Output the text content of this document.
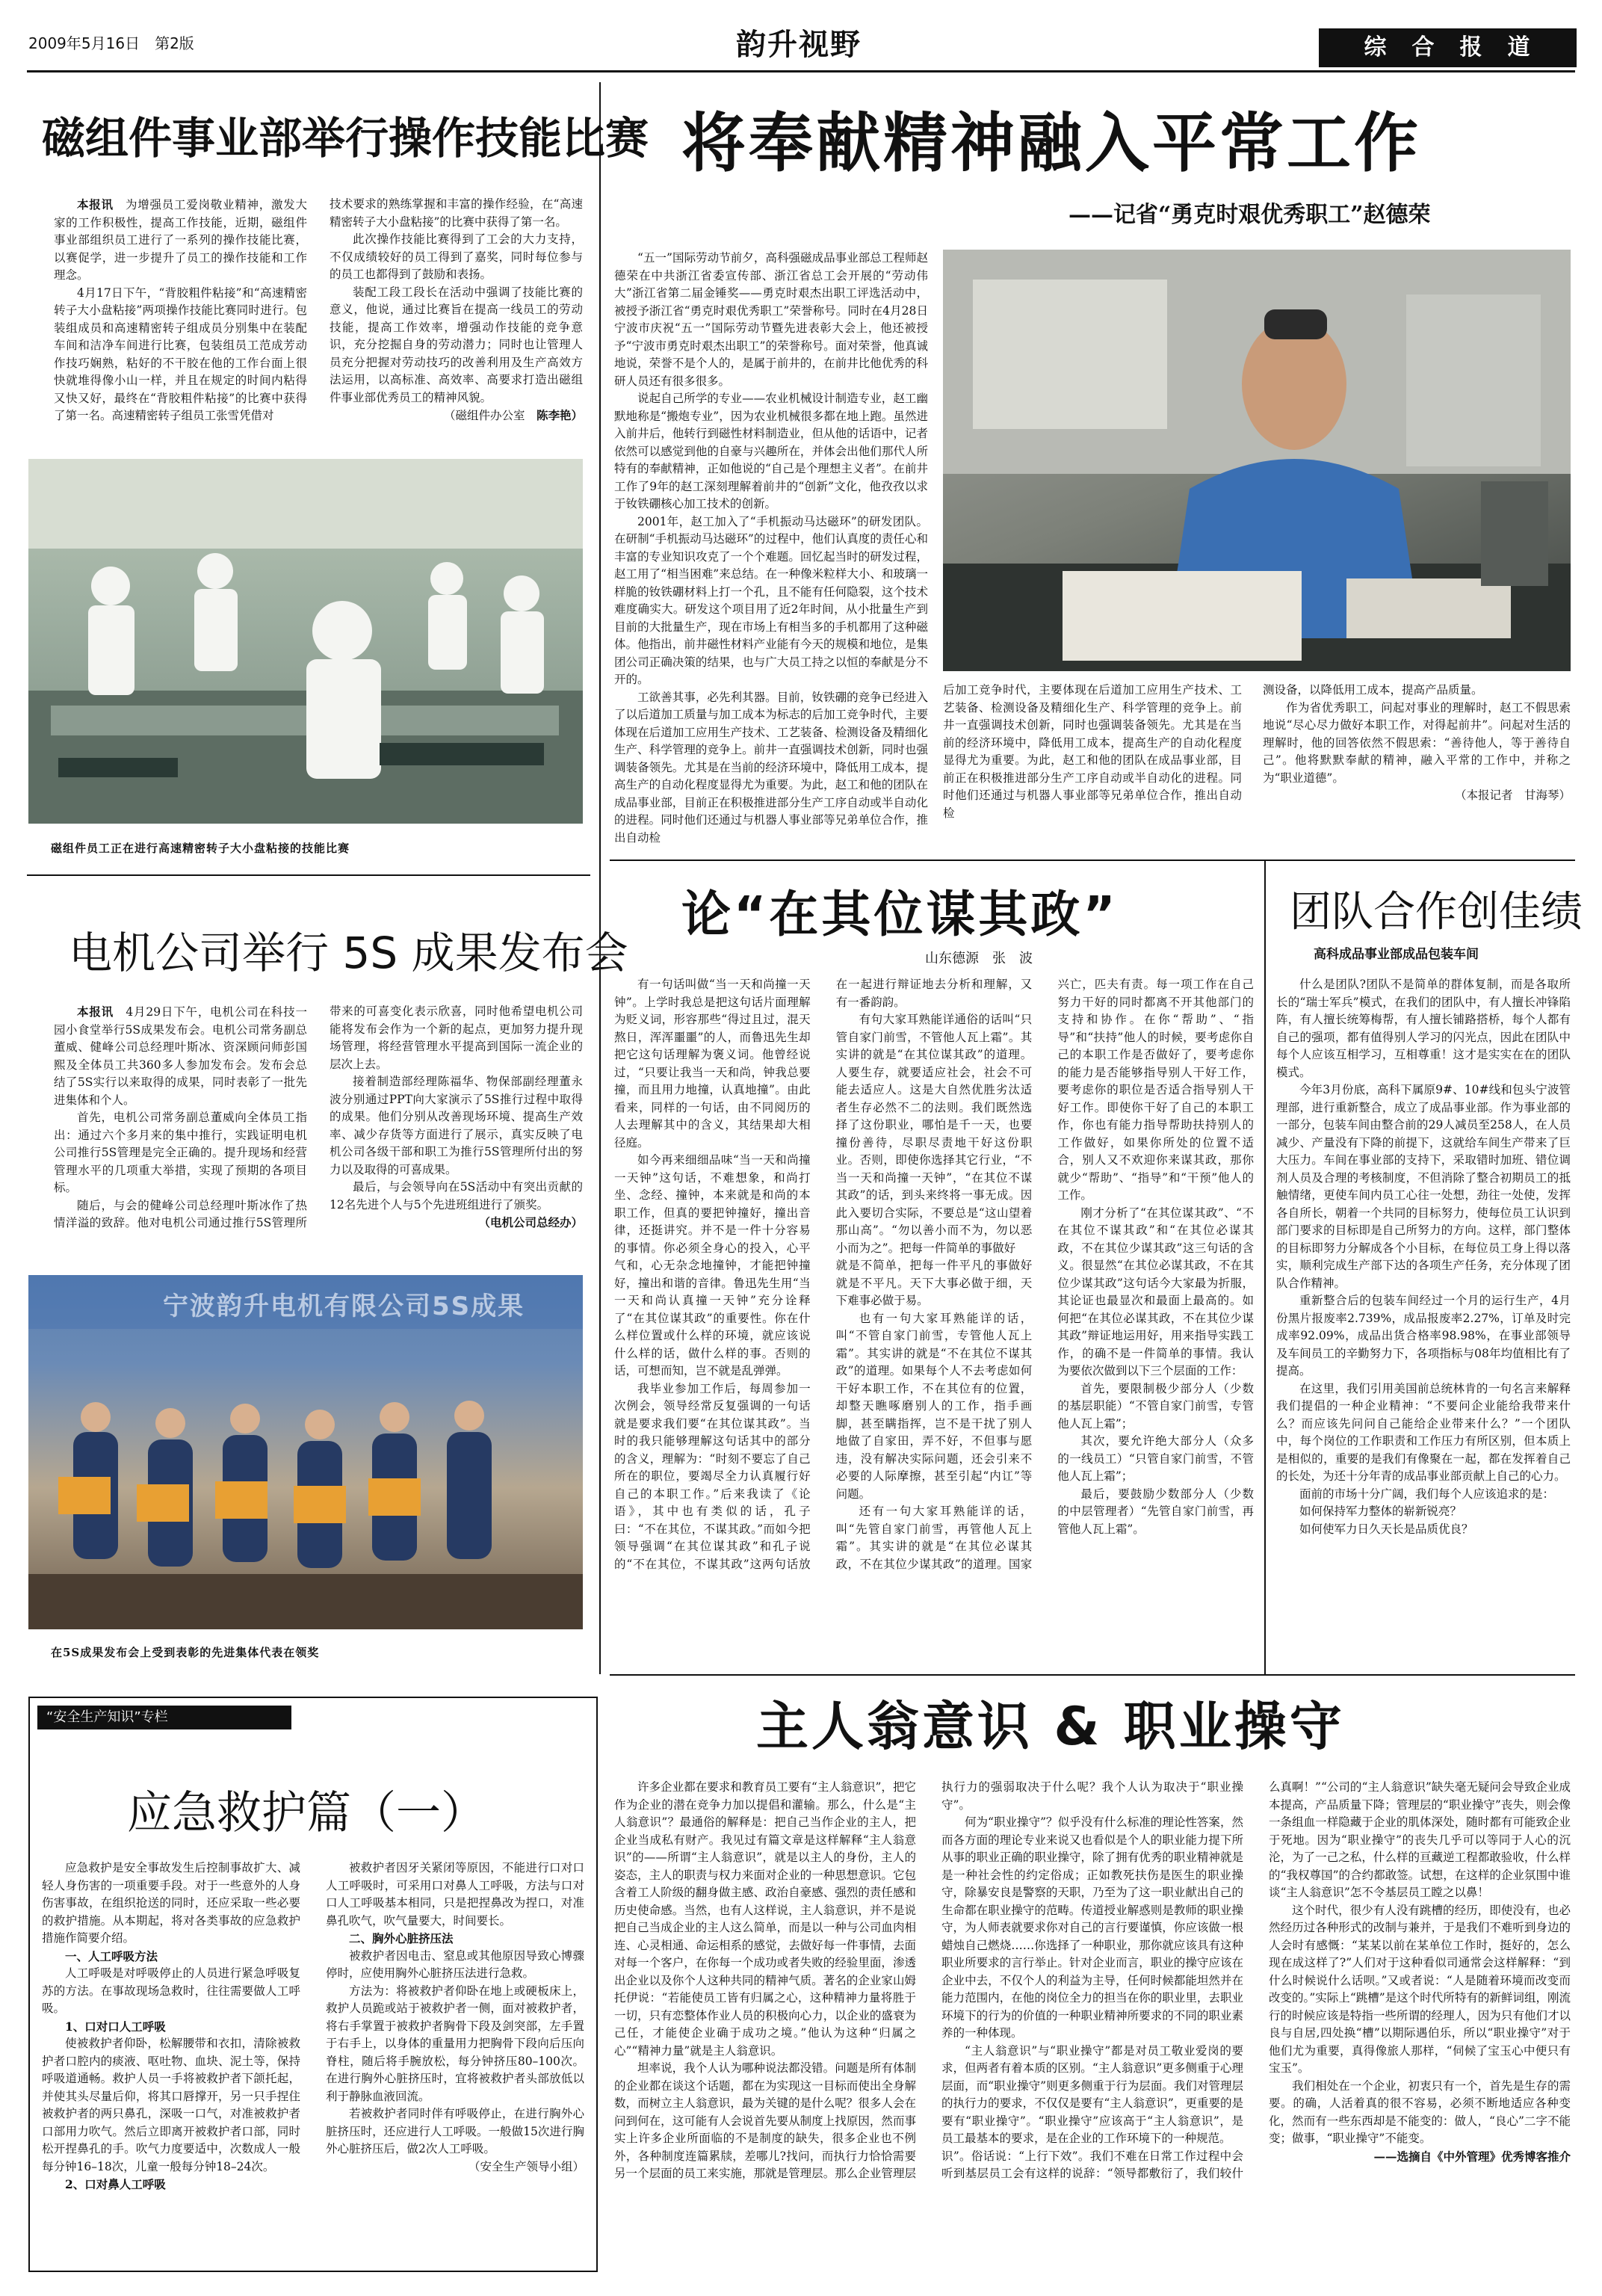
2009年5月16日　第2版	韵升视野	综　合　报　道
磁组件事业部举行操作技能比赛

本报讯　 为增强员工爱岗敬业精神，激发大家的工作积极性，提高工作技能，近期，磁组件事业部组织员工进行了一系列的操作技能比赛，以赛促学，进一步提升了员工的操作技能和工作理念。

4月17日下午，“背胶粗件粘接”和“高速精密转子大小盘粘接”两项操作技能比赛同时进行。包装组成员和高速精密转子组成员分别集中在装配车间和洁净车间进行比赛，包装组员工范成芳动作技巧娴熟，粘好的不干胶在他的工作台面上很快就堆得像小山一样，并且在规定的时间内粘得又快又好，最终在“背胶粗件粘接”的比赛中获得了第一名。高速精密转子组员工张雪凭借对

技术要求的熟练掌握和丰富的操作经验，在“高速精密转子大小盘粘接”的比赛中获得了第一名。

此次操作技能比赛得到了工会的大力支持，不仅成绩较好的员工得到了嘉奖，同时每位参与的员工也都得到了鼓励和表扬。

装配工段工段长在活动中强调了技能比赛的意义，他说，通过比赛旨在提高一线员工的劳动技能，提高工作效率，增强动作技能的竞争意识，充分挖掘自身的劳动潜力；同时也让管理人员充分把握对劳动技巧的改善利用及生产高效方法运用，以高标准、高效率、高要求打造出磁组件事业部优秀员工的精神风貌。

（磁组件办公室　 陈李艳）

磁组件员工正在进行高速精密转子大小盘粘接的技能比赛
将奉献精神融入平常工作
——记省“勇克时艰优秀职工”赵德荣

“五一”国际劳动节前夕，高科强磁成品事业部总工程师赵德荣在中共浙江省委宣传部、浙江省总工会开展的“劳动伟大”浙江省第二届金锤奖——勇克时艰杰出职工评选活动中，被授予浙江省“勇克时艰优秀职工”荣誉称号。同时在4月28日宁波市庆祝“五一”国际劳动节暨先进表彰大会上，他还被授予“宁波市勇克时艰杰出职工”的荣誉称号。面对荣誉，他真诚地说，荣誉不是个人的，是属于前井的，在前井比他优秀的科研人员还有很多很多。

说起自己所学的专业——农业机械设计制造专业，赵工幽默地称是“搬炮专业”，因为农业机械很多都在地上跑。虽然进入前井后，他转行到磁性材料制造业，但从他的话语中，记者依然可以感觉到他的自豪与兴趣所在，并体会出他们那代人所特有的奉献精神，正如他说的“自己是个理想主义者”。在前井工作了9年的赵工深刻理解着前井的“创新”文化，他孜孜以求于钕铁硼核心加工技术的创新。

2001年，赵工加入了“手机振动马达磁环”的研发团队。在研制“手机振动马达磁环”的过程中，他们认真度的责任心和丰富的专业知识攻克了一个个难题。回忆起当时的研发过程，赵工用了“相当困难”来总结。在一种像米粒样大小、和玻璃一样脆的钕铁硼材料上打一个孔，且不能有任何隐裂，这个技术难度确实大。研发这个项目用了近2年时间，从小批量生产到目前的大批量生产，现在市场上有相当多的手机都用了这种磁体。他指出，前井磁性材料产业能有今天的规模和地位，是集团公司正确决策的结果，也与广大员工持之以恒的奉献是分不开的。

工欲善其事，必先利其器。目前，钕铁硼的竞争已经进入了以后道加工质量与加工成本为标志的后加工竞争时代，主要体现在后道加工应用生产技术、工艺装备、检测设备及精细化生产、科学管理的竞争上。前井一直强调技术创新，同时也强调装备领先。尤其是在当前的经济环境中，降低用工成本，提高生产的自动化程度显得尤为重要。为此，赵工和他的团队在成品事业部，目前正在积极推进部分生产工序自动或半自动化的进程。同时他们还通过与机器人事业部等兄弟单位合作，推出自动检

后加工竞争时代，主要体现在后道加工应用生产技术、工艺装备、检测设备及精细化生产、科学管理的竞争上。前井一直强调技术创新，同时也强调装备领先。尤其是在当前的经济环境中，降低用工成本，提高生产的自动化程度显得尤为重要。为此，赵工和他的团队在成品事业部，目前正在积极推进部分生产工序自动或半自动化的进程。同时他们还通过与机器人事业部等兄弟单位合作，推出自动检

测设备，以降低用工成本，提高产品质量。

作为省优秀职工，问起对事业的理解时，赵工不假思索地说“尽心尽力做好本职工作，对得起前井”。问起对生活的理解时，他的回答依然不假思索：“善待他人，等于善待自己”。他将默默奉献的精神，融入平常的工作中，并称之为“职业道德”。

（本报记者　甘海琴）

电机公司举行 5S 成果发布会

本报讯　 4月29日下午，电机公司在科技一园小食堂举行5S成果发布会。电机公司常务副总董威、健峰公司总经理叶斯冰、资深顾问师彭国熙及全体员工共360多人参加发布会。发布会总结了5S实行以来取得的成果，同时表彰了一批先进集体和个人。

首先，电机公司常务副总董威向全体员工指出：通过六个多月来的集中推行，实践证明电机公司推行5S管理是完全正确的。提升现场和经营管理水平的几项重大举措，实现了预期的各项目标。

随后，与会的健峰公司总经理叶斯冰作了热情洋溢的致辞。他对电机公司通过推行5S管理所带来的可喜变化表示欣喜，同时他希望电机公司能将发布会作为一个新的起点，更加努力提升现场管理，将经营管理水平提高到国际一流企业的层次上去。

接着制造部经理陈福华、物保部副经理董永波分别通过PPT向大家演示了5S推行过程中取得的成果。他们分别从改善现场环境、提高生产效率、减少存货等方面进行了展示，真实反映了电机公司各级干部和职工为推行5S管理所付出的努力以及取得的可喜成果。

最后，与会领导向在5S活动中有突出贡献的12名先进个人与5个先进班组进行了颁奖。

（电机公司总经办）

宁波韵升电机有限公司5S成果
在5S成果发布会上受到表彰的先进集体代表在领奖
论“在其位谋其政”
山东德源　张　波

有一句话叫做“当一天和尚撞一天钟”。上学时我总是把这句话片面理解为贬义词，形容那些“得过且过，混天熬日，浑浑噩噩”的人，而鲁迅先生却把它这句话理解为褒义词。他曾经说过，“只要让我当一天和尚，钟我总要撞，而且用力地撞，认真地撞”。由此看来，同样的一句话，由不同阅历的人去理解其中的含义，其结果却大相径庭。

如今再来细细品味“当一天和尚撞一天钟”这句话，不难想象，和尚打坐、念经、撞钟，本来就是和尚的本职工作，但真的要把钟撞好，撞出音律，还挺讲究。并不是一件十分容易的事情。你必须全身心的投入，心平气和，心无杂念地撞钟，才能把钟撞好，撞出和谐的音律。鲁迅先生用“当一天和尚认真撞一天钟”充分诠释了“在其位谋其政”的重要性。你在什么样位置或什么样的环境，就应该说什么样的话，做什么样的事。否则的话，可想而知，岂不就是乱弹弹。

我毕业参加工作后，每周参加一次例会，领导经常反复强调的一句话就是要求我们要“在其位谋其政”。当时的我只能够理解这句话其中的部分的含义，理解为：“时刻不要忘了自己所在的职位，要竭尽全力认真履行好自己的本职工作。”后来我读了《论语》，其中也有类似的话，孔子曰：“不在其位，不谋其政。”而如今把领导强调“在其位谋其政”和孔子说的“不在其位，不谋其政”这两句话放在一起进行辩证地去分析和理解，又有一番韵韵。

有句大家耳熟能详通俗的话叫“只管自家门前雪，不管他人瓦上霜”。其实讲的就是“在其位谋其政”的道理。人要生存，就要适应社会，社会不可能去适应人。这是大自然优胜劣汰适者生存必然不二的法则。我们既然选择了这份职业，哪怕是千一天，也要撞份善待，尽职尽责地干好这份职业。否则，即使你选择其它行业，“不当一天和尚撞一天钟”，“在其位不谋其政”的话，到头来终将一事无成。因此入要切合实际，不要总是“这山望着那山高”。“勿以善小而不为，勿以恶小而为之”。把每一件简单的事做好

就是不简单，把每一件平凡的事做好就是不平凡。天下大事必做于细，天下难事必做于易。

也有一句大家耳熟能详的话，叫“不管自家门前雪，专管他人瓦上霜”。其实讲的就是“不在其位不谋其政”的道理。如果每个人不去考虑如何干好本职工作，不在其位有的位置，却整天瞧啄磨别人的工作，指手画脚，甚至瞒指挥，岂不是干扰了别人地做了自家田，弄不好，不但事与愿违，没有解决实际问题，还会引来不必要的人际摩擦，甚至引起“内讧”等问题。

还有一句大家耳熟能详的话，叫“先管自家门前雪，再管他人瓦上霜”。其实讲的就是“在其位必谋其政，不在其位少谋其政”的道理。国家兴亡，匹夫有责。每一项工作在自己努力干好的同时都离不开其他部门的支持和协作。在你“帮助”、“指导”和“扶持”他人的时候，要考虑你自己的本职工作是否做好了，要考虑你的能力是否能够指导别人干好工作，要考虑你的职位是否适合指导别人干好工作。即使你干好了自己的本职工作，你也有能力指导帮助扶持别人的工作做好，如果你所处的位置不适合，别人又不欢迎你来谋其政，那你就少“帮助”、“指导”和“干预”他人的工作。

刚才分析了“在其位谋其政”、“不在其位不谋其政”和“在其位必谋其政，不在其位少谋其政”这三句话的含义。很显然“在其位必谋其政，不在其位少谋其政”这句话今大家最为折服，其论证也最显次和最面上最高的。如何把“在其位必谋其政，不在其位少谋其政”辩证地运用好，用来指导实践工作，的确不是一件简单的事情。我认为要依次做到以下三个层面的工作：

首先，要限制极少部分人（少数的基层职能）“不管自家门前雪，专管他人瓦上霜”；

其次，要允许绝大部分人（众多的一线员工）“只管自家门前雪，不管他人瓦上霜”；

最后，要鼓励少数部分人（少数的中层管理者）“先管自家门前雪，再管他人瓦上霜”。

团队合作创佳绩
高科成品事业部成品包装车间

什么是团队?团队不是简单的群体复制，而是各取所长的“瑞士军兵”模式，在我们的团队中，有人擅长冲锋陷阵，有人擅长统筹梅帮，有人擅长铺路搭桥，每个人都有自己的强项，都有值得别人学习的闪光点，因此在团队中每个人应该互相学习，互相尊重！这才是实实在在的团队模式。

今年3月份底，高科下属原9#、10#线和包头宁波管理部，进行重新整合，成立了成品事业部。作为事业部的一部分，包装车间由整合前的29人减员至258人，在人员减少、产量没有下降的前提下，这就给车间生产带来了巨大压力。车间在事业部的支持下，采取错时加班、错位调剂人员及合理的考核制度，不但消除了整合初期员工的抵触情绪，更使车间内员工心往一处想，劲往一处使，发挥各自所长，朝着一个共同的目标努力，使每位员工认识到部门要求的目标即是自己所努力的方向。这样，部门整体的目标即努力分解成各个小目标，在每位员工身上得以落实，顺利完成生产部下达的各项生产任务，充分体现了团队合作精神。

重新整合后的包装车间经过一个月的运行生产，4月份黑片报废率2.739%，成品报废率2.27%，订单及时完成率92.09%，成品出货合格率98.98%，在事业部领导及车间员工的辛勤努力下，各项指标与08年均值相比有了提高。

在这里，我们引用美国前总统林肯的一句名言来解释我们提倡的一种企业精神：“不要问企业能给我带来什么？而应该先问问自己能给企业带来什么？”一个团队中，每个岗位的工作职责和工作压力有所区别，但本质上是相似的，重要的是我们有像聚在一起，都在发挥着自己的长处，为还十分年青的成品事业部贡献上自己的心力。

面前的市场十分广阔，我们每个人应该追求的是：

如何保持军力整体的崭新锐亮？

如何使军力日久天长是品质优良？

“安全生产知识”专栏
应急救护篇（一）

应急救护是安全事故发生后控制事故扩大、减轻人身伤害的一项重要手段。对于一些意外的人身伤害事故，在组织抢送的同时，还应采取一些必要的救护措施。从本期起，将对各类事故的应急救护措施作简要介绍。

一、人工呼吸方法

人工呼吸是对呼吸停止的人员进行紧急呼吸复苏的方法。在事故现场急救时，往往需要做人工呼吸。

1、口对口人工呼吸

使被救护者仰卧，松解腰带和衣扣，清除被救护者口腔内的痰液、呕吐物、血块、泥土等，保持呼吸道通畅。救护人员一手将被救护者下颌托起，并使其头尽量后仰，将其口唇撑开，另一只手捏住被救护者的两只鼻孔，深吸一口气，对准被救护者口部用力吹气。然后立即离开被救护者口部，同时松开捏鼻孔的手。吹气力度要适中，次数成人一般每分钟16–18次，儿童一般每分钟18–24次。

2、口对鼻人工呼吸

被救护者因牙关紧闭等原因，不能进行口对口人工呼吸时，可采用口对鼻人工呼吸，方法与口对口人工呼吸基本相同，只是把捏鼻改为捏口，对准鼻孔吹气，吹气量要大，时间要长。

二、胸外心脏挤压法

被救护者因电击、窒息或其他原因导致心博骤停时，应使用胸外心脏挤压法进行急救。

方法为：将被救护者仰卧在地上或硬板床上，救护人员跪或站于被救护者一侧，面对被救护者，将右手掌置于被救护者胸骨下段及剑突部，左手置于右手上，以身体的重量用力把胸骨下段向后压向脊柱，随后将手腕放松，每分钟挤压80–100次。在进行胸外心脏挤压时，宜将被救护者头部放低以利于静脉血液回流。

若被救护者同时伴有呼吸停止，在进行胸外心脏挤压时，还应进行人工呼吸。一般做15次进行胸外心脏挤压后，做2次人工呼吸。

（安全生产领导小组）

主人翁意识 & 职业操守

许多企业都在要求和教育员工要有“主人翁意识”，把它作为企业的潜在竞争力加以提倡和灌输。那么，什么是“主人翁意识”？最通俗的解释是：把自己当作企业的主人，把企业当成私有财产。我见过有篇文章是这样解释“主人翁意识”的——所谓“主人翁意识”，就是以主人的身份，主人的姿态，主人的职责与权力来面对企业的一种思想意识。它包含着工人阶级的翻身做主感、政治自豪感、强烈的责任感和历史使命感。当然，也有人这样说，主人翁意识，并不是说把自己当成企业的主人这么简单，而是以一种与公司血肉相连、心灵相通、命运相系的感觉，去做好每一件事情，去面对每一个客户，在你每一个成功或者失败的经验里面，渗透出企业以及你个人这种共同的精神气质。著名的企业家山姆托伊说：“若能使员工皆有归属之心，这种精神力量将胜于一切，只有恋整体作业人员的积极向心力，以企业的盛衰为己任，才能使企业确于成功之境。”他认为这种“归属之心”“精神力量”就是主人翁意识。

坦率说，我个人认为哪种说法都没错。问题是所有体制的企业都在谈这个话题，都在为实现这一目标而使出全身解数，而树立主人翁意识，最为关键的是什么呢？很多人会在问到何在，这可能有人会说首先要从制度上找原因，然而事实上许多企业所面临的不是制度的缺失，很多企业也不例外，各种制度连篇累牍，差哪儿?找问，而执行力恰恰需要另一个层面的员工来实施，那就是管理层。那么企业管理层执行力的强弱取决于什么呢？我个人认为取决于“职业操守”。

何为“职业操守”？似乎没有什么标准的理论性答案，然而各方面的理论专业来说又也看似是个人的职业能力提下所从事的职业正确的职业操守，除了拥有优秀的职业精神就是是一种社会性的约定俗成；正如教死扶伤是医生的职业操守，除暴安良是警察的天职，乃至为了这一职业献出自己的生命都在职业操守的范畴。传道授业解惑则是教师的职业操守，为人师表就要求你对自己的言行要谨慎，你应该做一根蜡烛自己燃烧……你选择了一种职业，那你就应该具有这种职业所要求的言行举止。针对企业而言，职业的操守应该在企业中去，不仅个人的利益为主导，任何时候都能坦然并在能力范围内，在他的岗位全力的担当在你的职业里，去职业环境下的行为的价值的一种职业精神所要求的不同的职业素养的一种体现。

“主人翁意识”与“职业操守”都是对员工敬业爱岗的要求，但两者有着本质的区别。“主人翁意识”更多侧重于心理层面，而“职业操守”则更多侧重于行为层面。我们对管理层的执行力的要求，不仅仅是要有“主人翁意识”，更重要的是要有“职业操守”。“职业操守”应该高于“主人翁意识”，是员工最基本的要求，是在企业的工作环境下的一种规范。

识”。俗话说：“上行下效”。我们不难在日常工作过程中会听到基层员工会有这样的说辞：“领导都敷衍了，我们较什么真啊！”“公司的“主人翁意识”缺失毫无疑问会导致企业成本提高，产品质量下降；管理层的“职业操守”丧失，则会像一条组血一样隐藏于企业的肌体深处，随时都有可能致企业于死地。因为“职业操守”的丧失几乎可以等同于人心的沉沦，为了一己之私，什么样的亘藏逆工程都敢验收，什么样的“我权尊国”的合约都敢签。试想，在这样的企业氛围中谁谈“主人翁意识”怎不令基层员工瞠之以鼻！

这个时代，很少有人没有跳槽的经历，即使没有，也必然经历过各种形式的改制与兼并，于是我们不难听到身边的人会时有感慨：“某某以前在某单位工作时，挺好的，怎么现在成这样了?”人们对于这种看似司通常会这样解释：“到什么时候说什么话呗。”又或者说：“人是随着环境而改变而改变的。”实际上“跳槽”是这个时代所特有的新鲜词组，刚流行的时候应该是特指一些所谓的经理人，因为只有他们才以良与自居,四处换“槽”以期际遇伯乐，所以“职业操守”对于他们尤为重要，真得像旅人那样，“伺候了宝玉心中便只有宝玉”。

我们相处在一个企业，初衷只有一个，首先是生存的需要。的确，人活着真的很不容易，必须不断地适应各种变化，然而有一些东西却是不能变的：做人，“良心”二字不能变；做事，“职业操守”不能变。

——选摘自《中外管理》优秀博客推介
